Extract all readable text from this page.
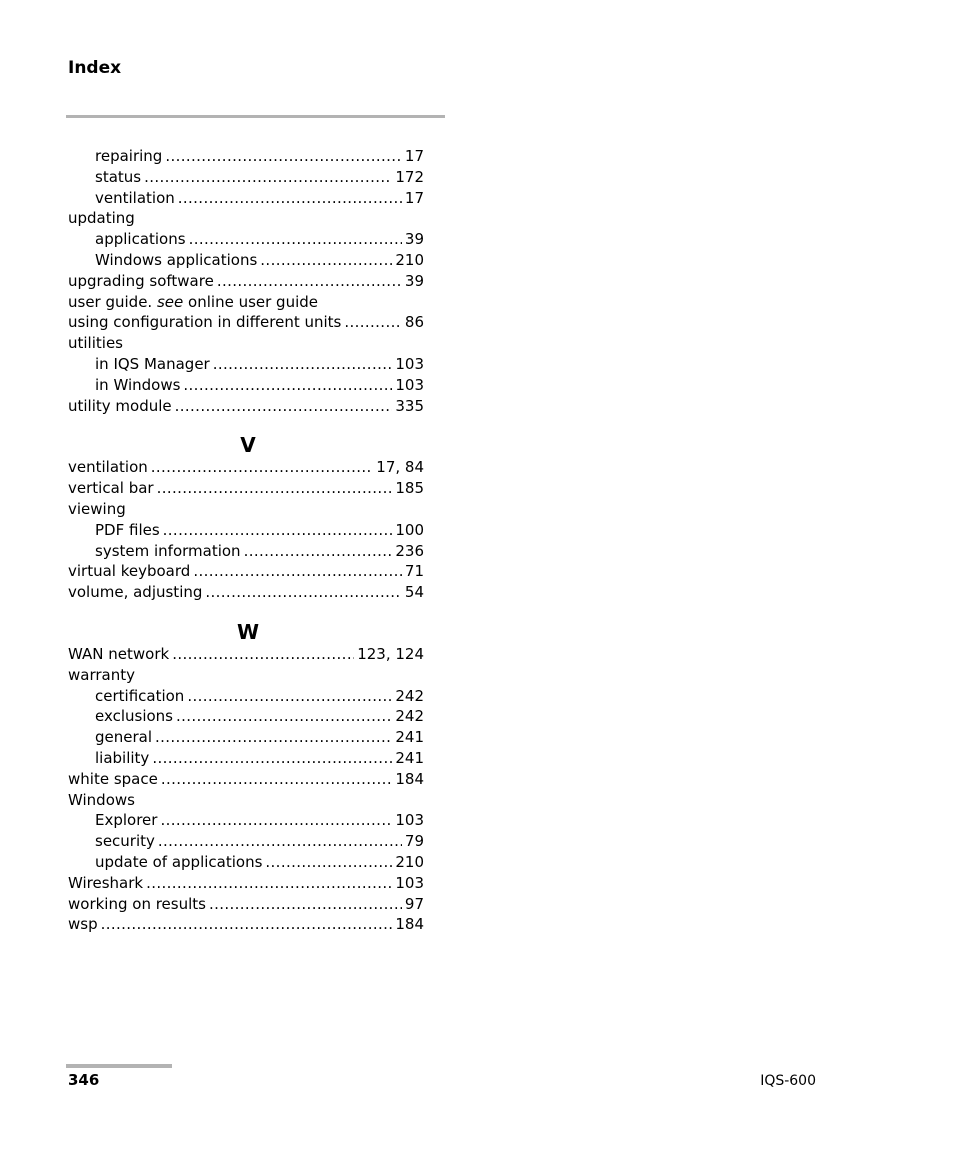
Index
repairing . . .	17
status . . .	172
ventilation . . .	17
updating
applications . . .	39
Windows applications . . .	210
upgrading software . . .	39
user guide. see online user guide
using configuration in different units . . .	86
utilities
in IQS Manager . . .	103
in Windows . . .	103
utility module . . .	335
V
ventilation . . .	17, 84
vertical bar . . .	185
viewing
PDF files . . .	100
system information . . .	236
virtual keyboard . . .	71
volume, adjusting . . .	54
W
WAN network . . .	123, 124
warranty
certification . . .	242
exclusions . . .	242
general . . .	241
liability . . .	241
white space . . .	184
Windows
Explorer . . .	103
security . . .	79
update of applications . . .	210
Wireshark . . .	103
working on results . . .	97
wsp . . .	184
346	IQS-600
